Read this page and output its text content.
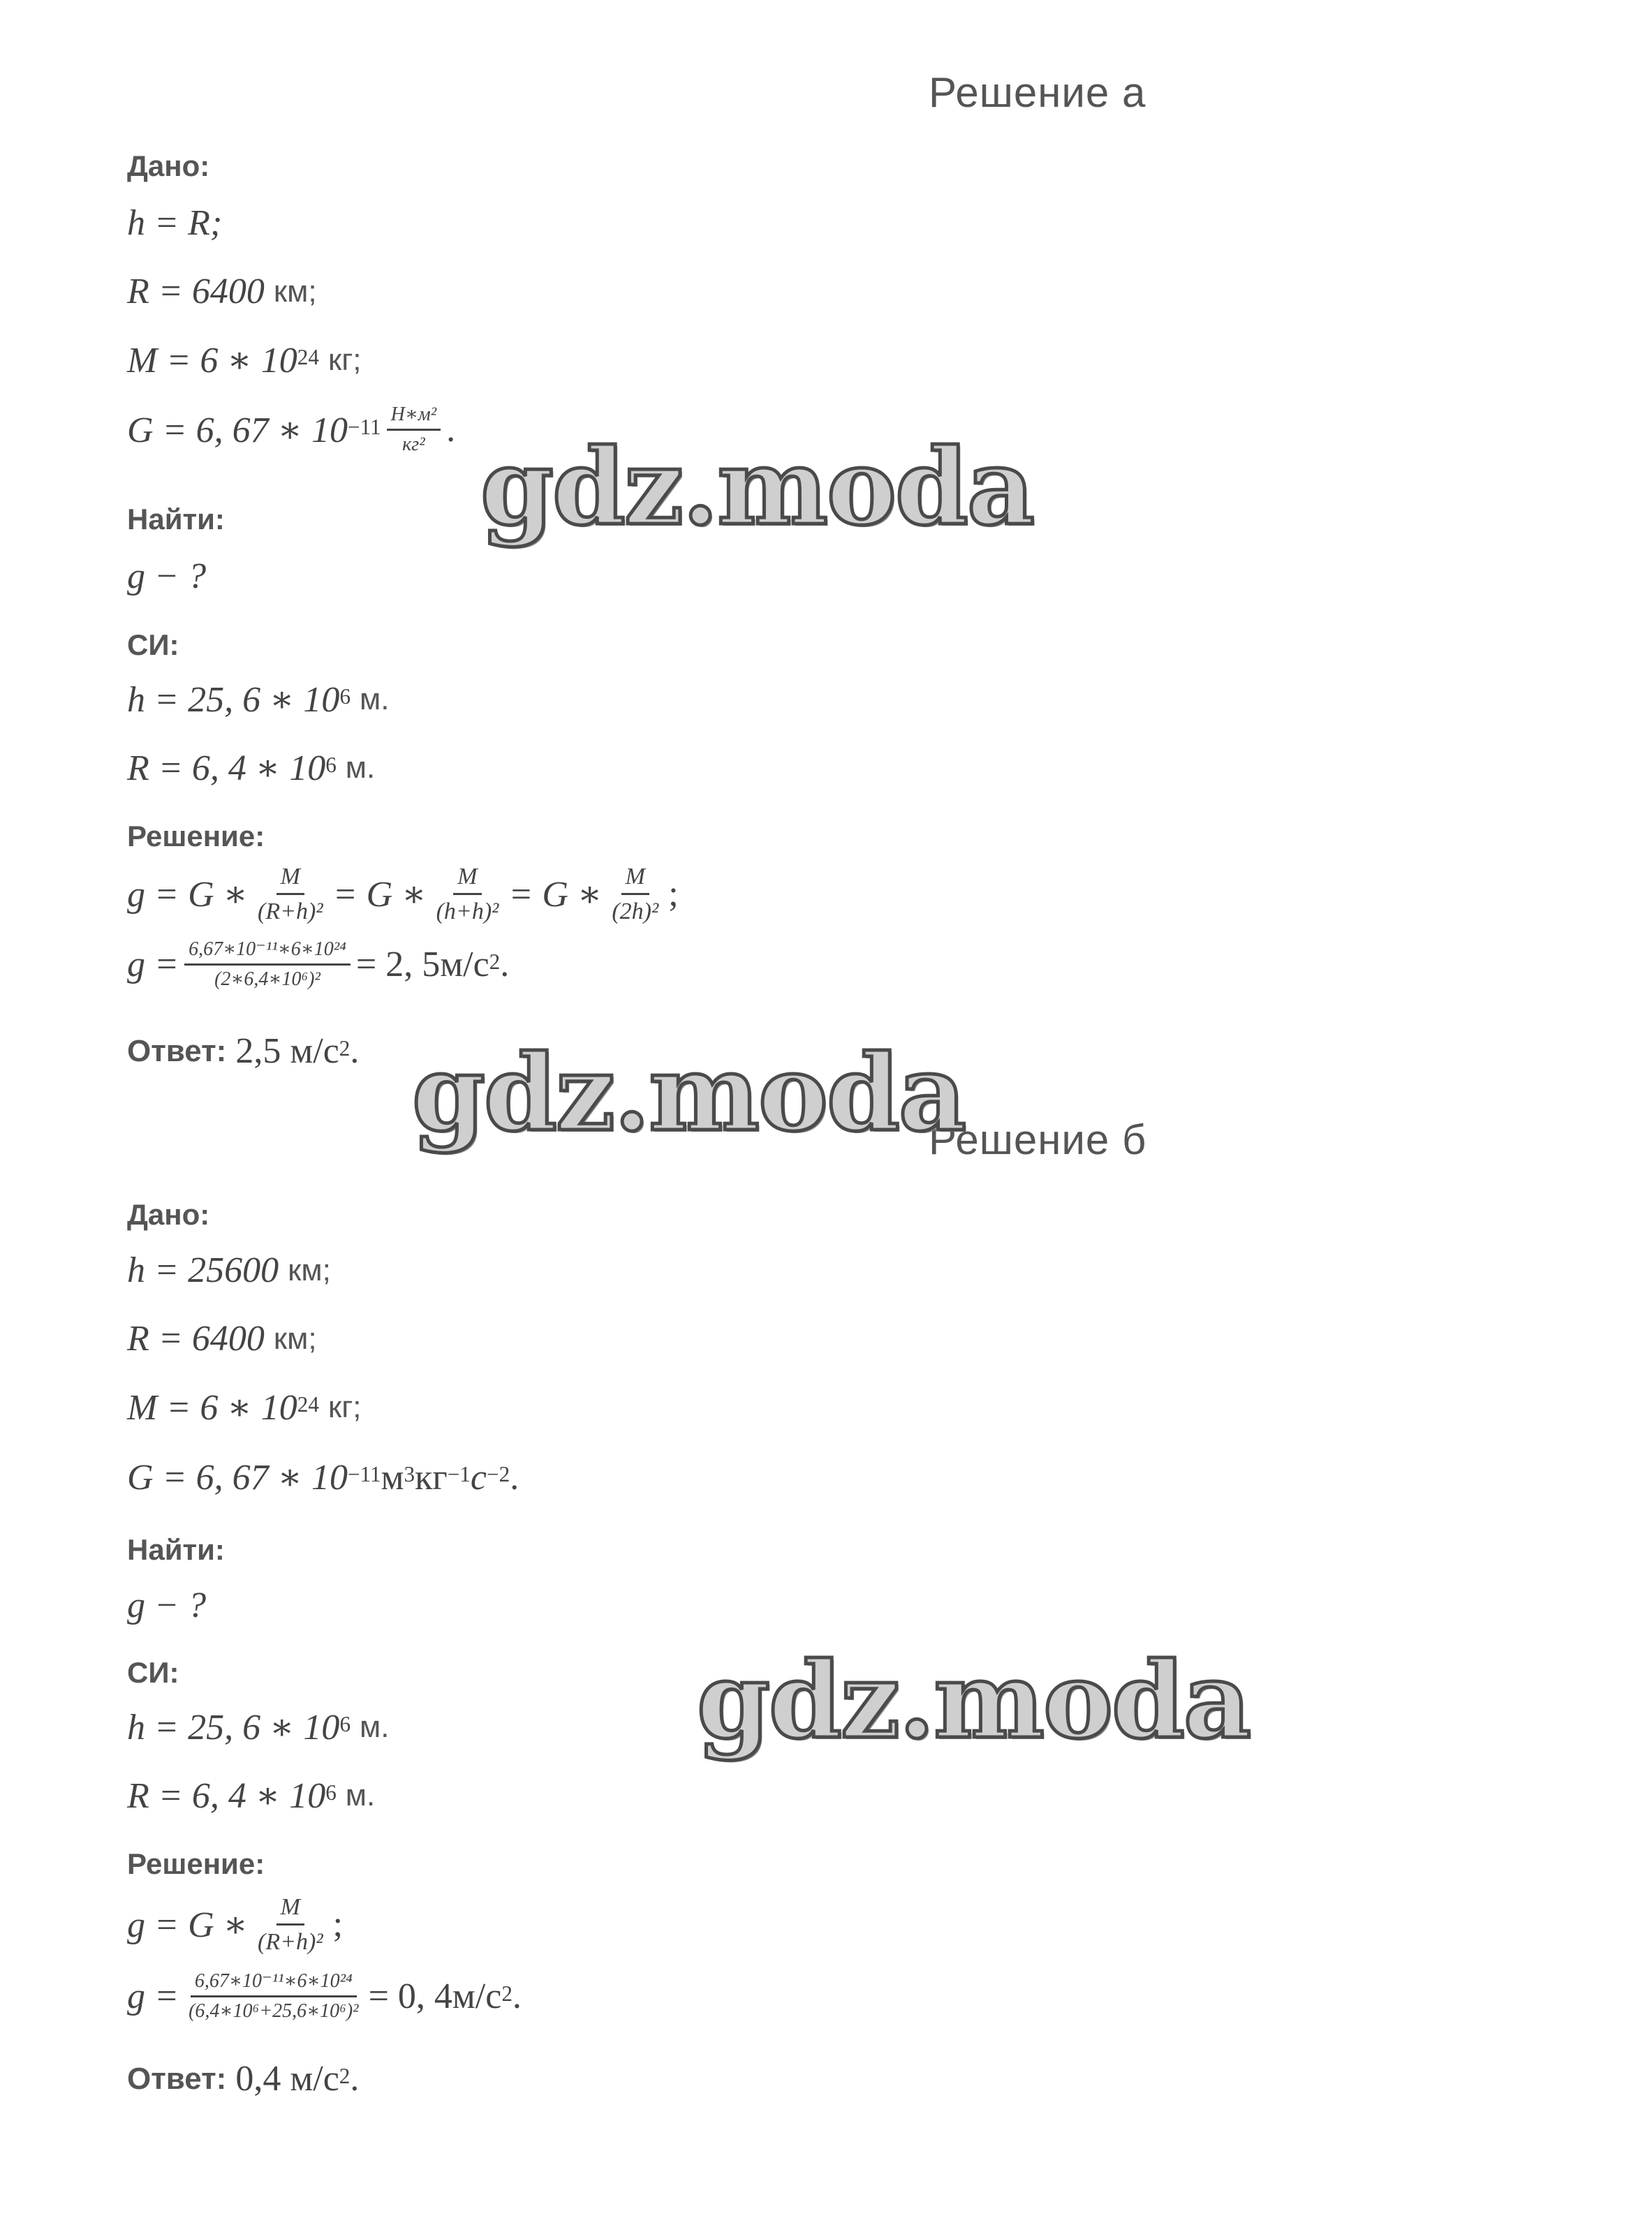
Решение а
Дано:
h = R;
R = 6400
км;
M = 6 ∗ $10^{24}$
кг;
G = 6, 67 ∗ $10^{-11} \frac{\text{Н∗м²}}{\text{кг²}}$ .
Найти:
g − ?
СИ:
h = 25, 6 ∗ $10^6$
м.
R = 6, 4 ∗ $10^6$
м.
Решение:
g = G ∗ $\frac{M}{\text{(R+h)²}} = G$ ∗ $\frac{M}{\text{(h+h)²}} = G$ ∗ $\frac{M}{\text{(2h)²}}$ ;
$g = \frac{\text{6,67∗10⁻¹¹∗6∗10²⁴}}{\text{(2∗6,4∗10⁶)²}} = 2$, $5м/с^2$ .
Ответ:
2,5 $м/с^2$ .
Решение б
Дано:
h = 25600
км;
R = 6400
км;
M = 6 ∗ $10^{24}$
кг;
G = 6, 67 ∗ $10^{-11}$ $м^3$ $кг^{-1}$ $c^{-2}$ .
Найти:
g − ?
СИ:
h = 25, 6 ∗ $10^6$
м.
R = 6, 4 ∗ $10^6$
м.
Решение:
g = G ∗ $\frac{M}{\text{(R+h)²}}$ ;
$g = \frac{\text{6,67∗10⁻¹¹∗6∗10²⁴}}{\text{(6,4∗10⁶+25,6∗10⁶)²}} = 0$, $4м/с^2$ .
Ответ:
0,4 $м/с^2$ .
gdz.moda
gdz.moda
gdz.moda
